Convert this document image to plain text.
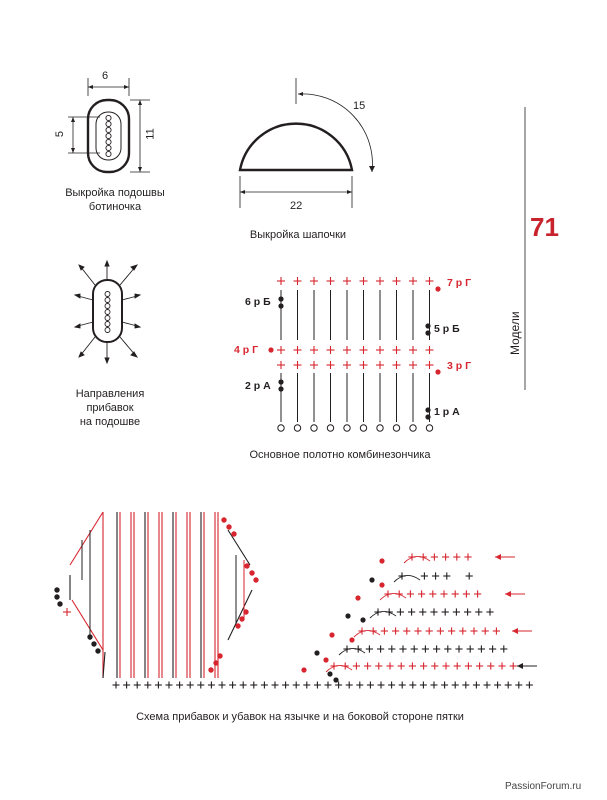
6
11
5
Выкройка подошвы
ботиночка
15
22
Выкройка шапочки	71
Модели
Направления
прибавок
на подошве
7 р Г
6 р Б
5 р Б
4 р Г
3 р Г
2 р А
1 р А
Основное полотно комбинезончика
Схема прибавок и убавок на язычке и на боковой стороне пятки
PassionForum.ru
